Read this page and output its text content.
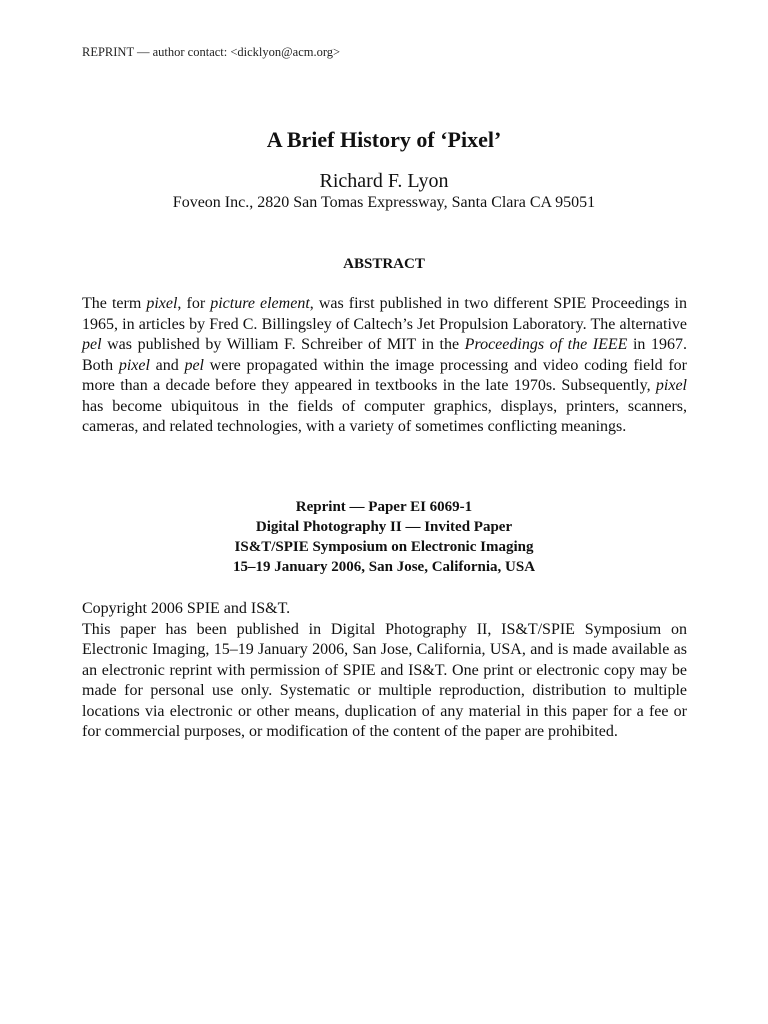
REPRINT — author contact: <dicklyon@acm.org>
A Brief History of ‘Pixel’
Richard F. Lyon
Foveon Inc., 2820 San Tomas Expressway, Santa Clara CA 95051
ABSTRACT
The term pixel, for picture element, was first published in two different SPIE Proceedings in 1965, in articles by Fred C. Billingsley of Caltech’s Jet Propulsion Laboratory. The alternative pel was published by William F. Schreiber of MIT in the Proceedings of the IEEE in 1967. Both pixel and pel were propagated within the image processing and video coding field for more than a decade before they appeared in textbooks in the late 1970s. Subsequently, pixel has become ubiquitous in the fields of computer graphics, displays, printers, scanners, cameras, and related technologies, with a variety of sometimes conflicting meanings.
Reprint — Paper EI 6069-1
Digital Photography II — Invited Paper
IS&T/SPIE Symposium on Electronic Imaging
15–19 January 2006, San Jose, California, USA
Copyright 2006 SPIE and IS&T.
This paper has been published in Digital Photography II, IS&T/SPIE Symposium on Electronic Imaging, 15–19 January 2006, San Jose, California, USA, and is made available as an electronic reprint with permission of SPIE and IS&T. One print or electronic copy may be made for personal use only. Systematic or multiple reproduction, distribution to multiple locations via electronic or other means, duplication of any material in this paper for a fee or for commercial purposes, or modification of the content of the paper are prohibited.
